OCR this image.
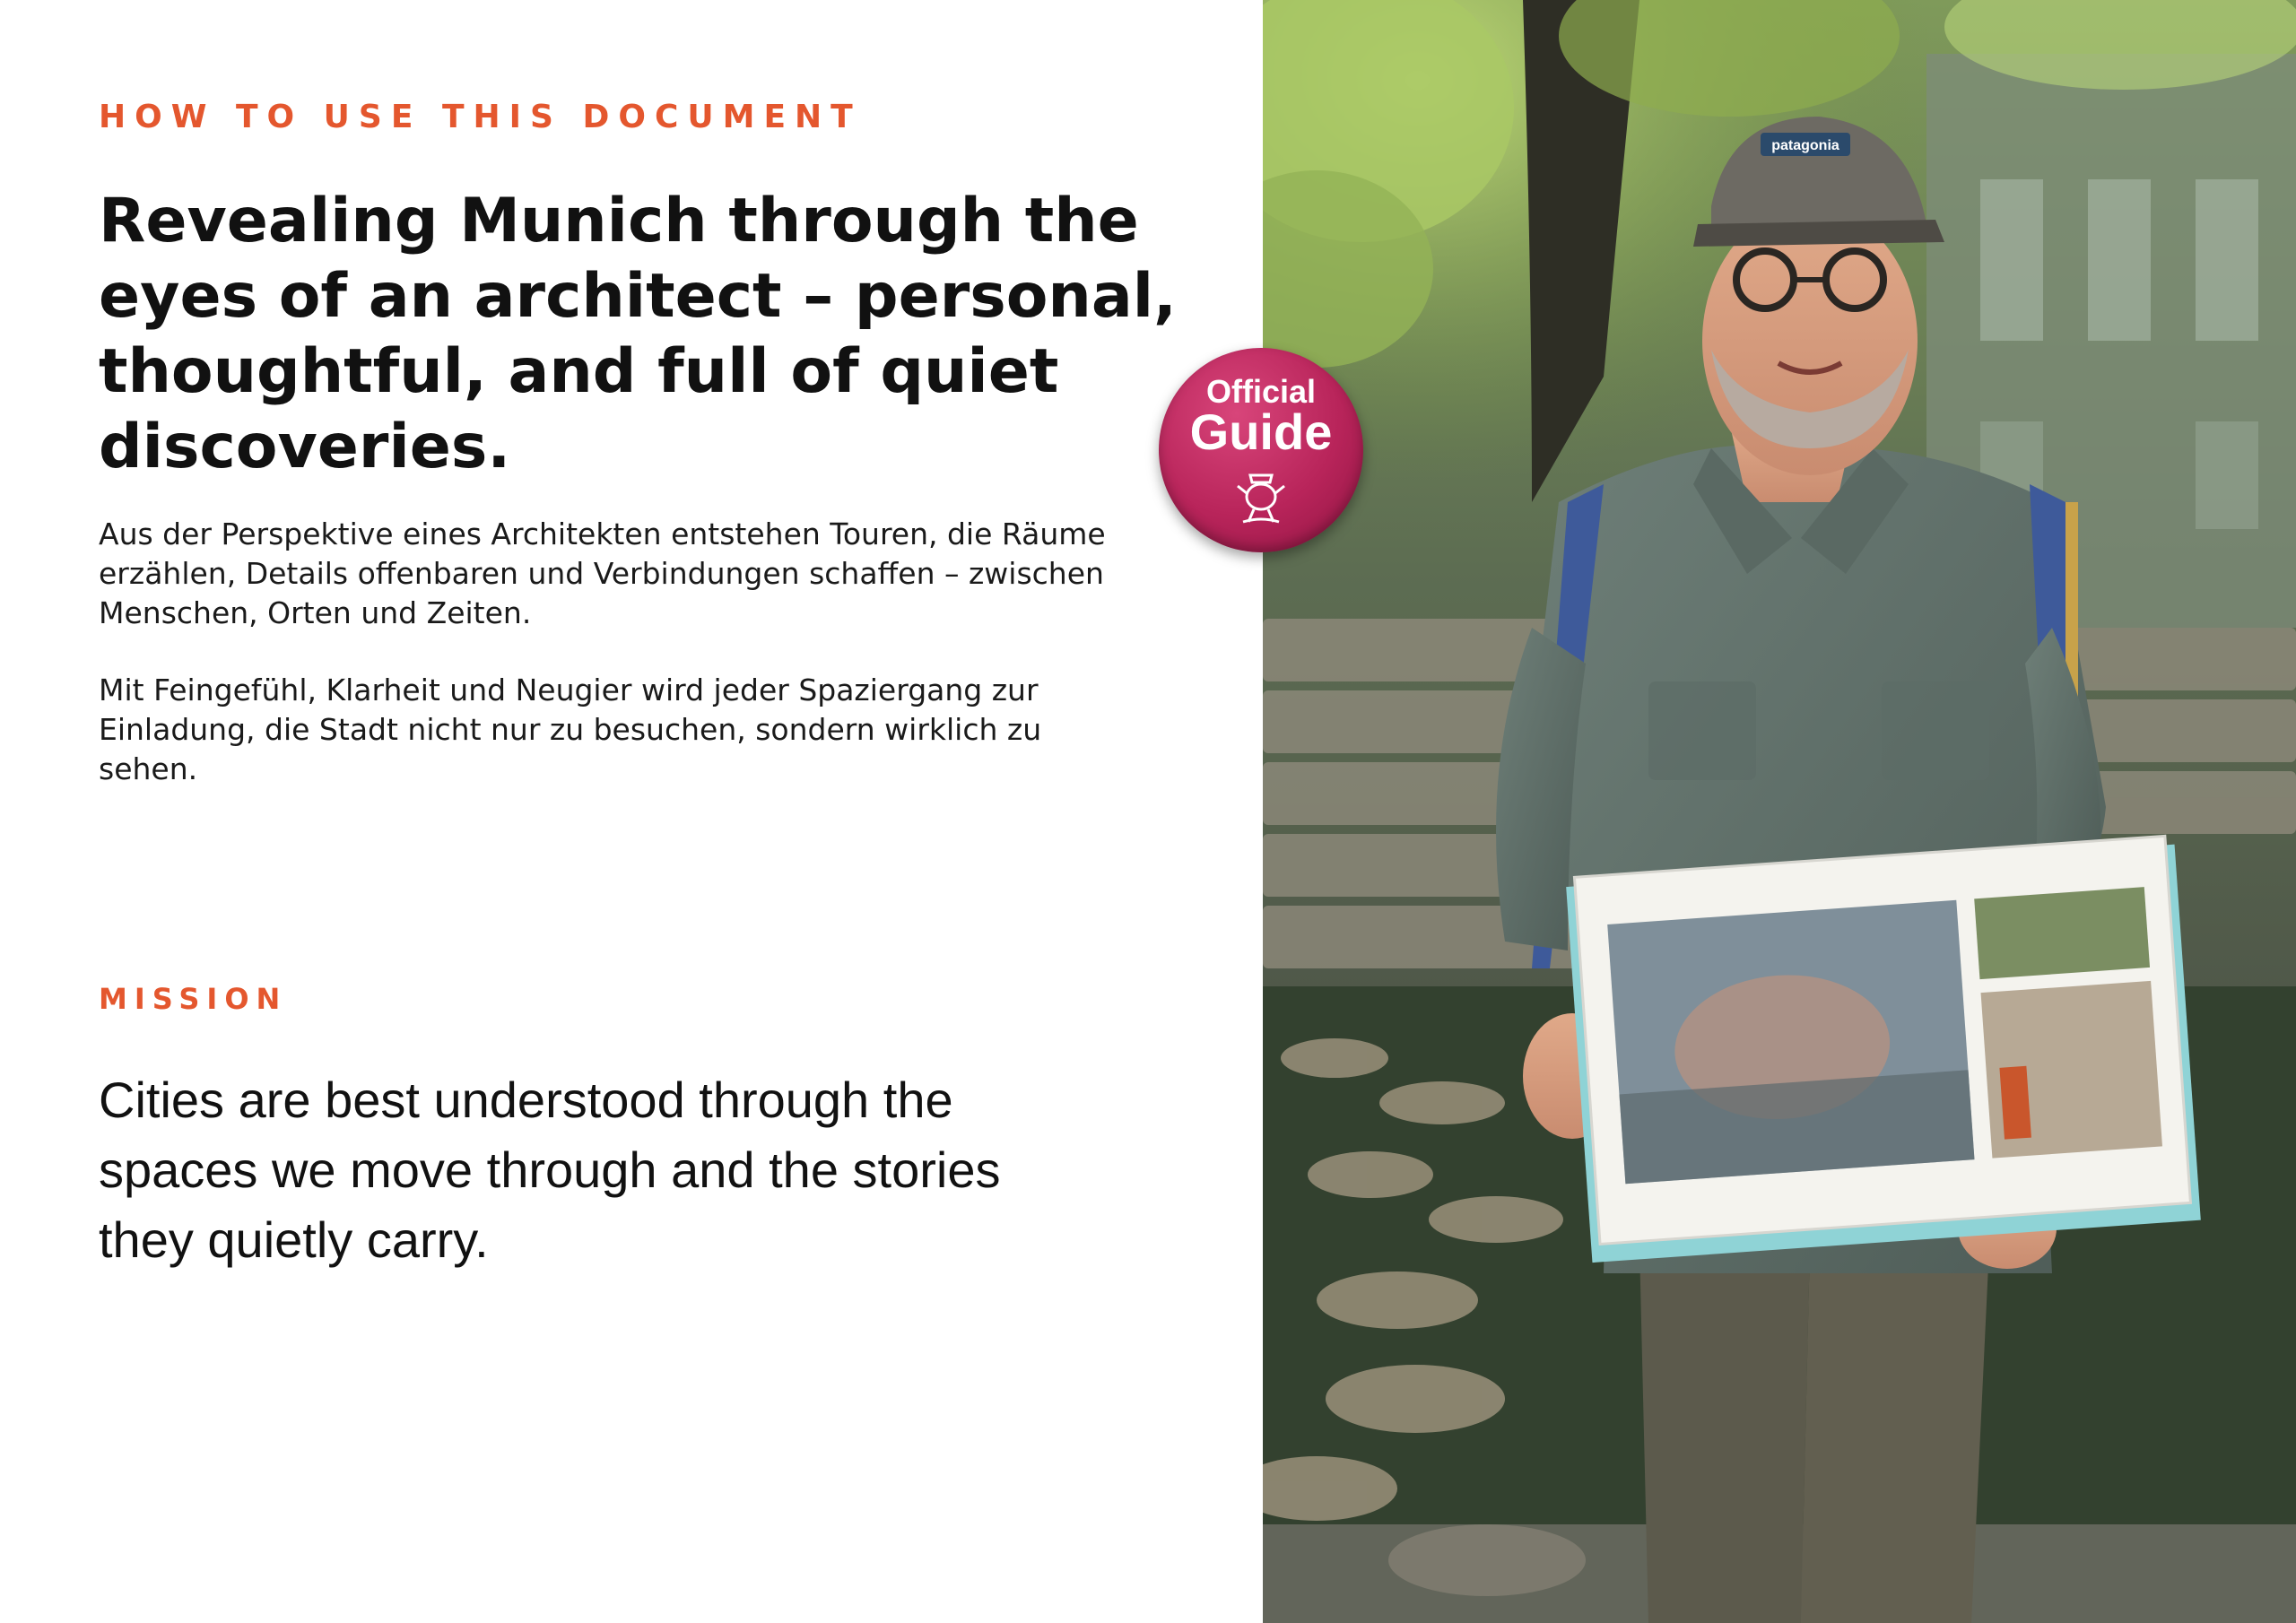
HOW TO USE THIS DOCUMENT
Revealing Munich through the eyes of an architect – personal, thoughtful, and full of quiet discoveries.

Aus der Perspektive eines Architekten entstehen Touren, die Räume erzählen, Details offenbaren und Verbindungen schaffen – zwischen Menschen, Orten und Zeiten.

Mit Feingefühl, Klarheit und Neugier wird jeder Spaziergang zur Einladung, die Stadt nicht nur zu besuchen, sondern wirklich zu sehen.

MISSION

Cities are best understood through the spaces we move through and the stories they quietly carry.

patagonia
Official
Guide
